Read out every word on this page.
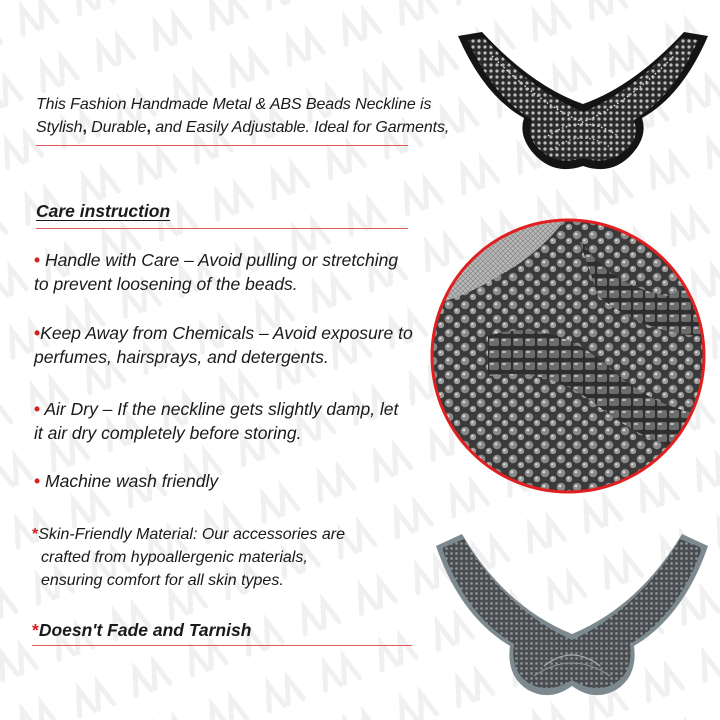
This Fashion Handmade Metal & ABS Beads Neckline is
Stylish, Durable, and Easily Adjustable. Ideal for Garments,
Care instruction
• Handle with Care – Avoid pulling or stretching
to prevent loosening of the beads.
•Keep Away from Chemicals – Avoid exposure to
perfumes, hairsprays, and detergents.
• Air Dry – If the neckline gets slightly damp, let
it air dry completely before storing.
• Machine wash friendly
*Skin-Friendly Material: Our accessories are
crafted from hypoallergenic materials,
ensuring comfort for all skin types.
*Doesn't Fade and Tarnish
